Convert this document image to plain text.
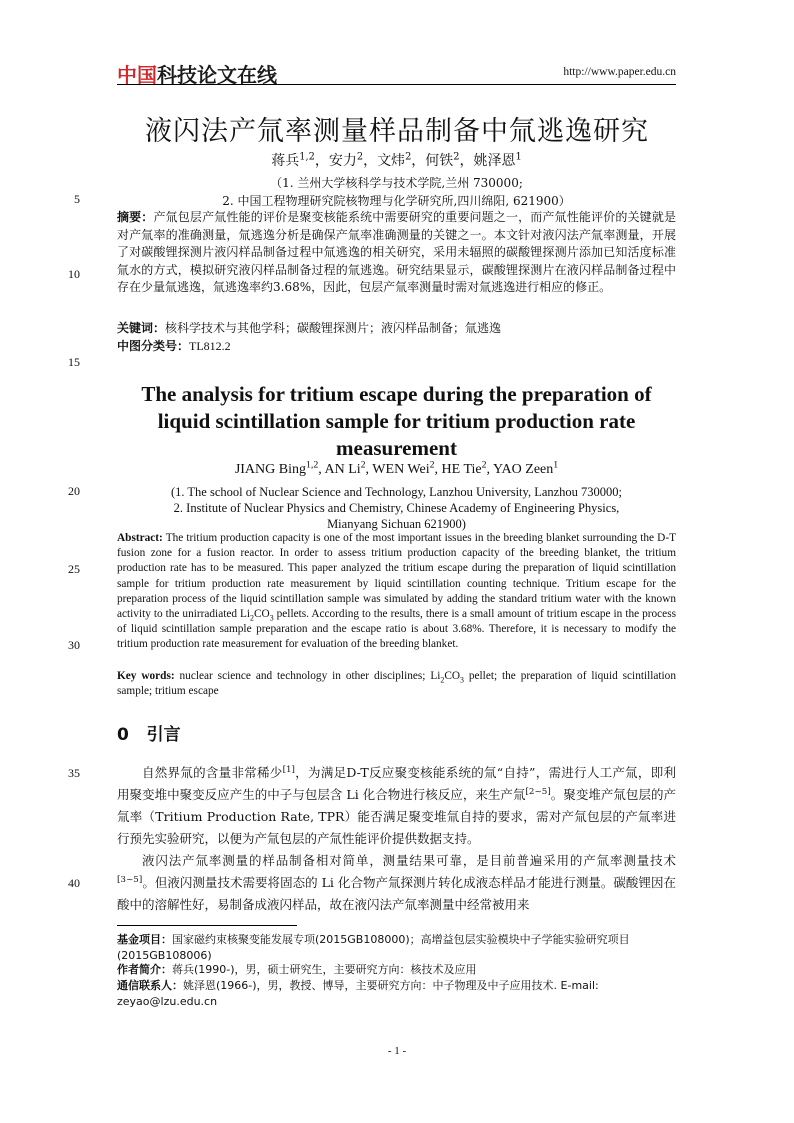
中国科技论文在线	http://www.paper.edu.cn
液闪法产氚率测量样品制备中氚逃逸研究
蒋兵$^{1,2}$，安力$^2$，文炜$^2$，何铁$^2$，姚泽恩$^1$
（1. 兰州大学核科学与技术学院,兰州 730000;
2. 中国工程物理研究院核物理与化学研究所,四川绵阳, 621900）
摘要：产氚包层产氚性能的评价是聚变核能系统中需要研究的重要问题之一，而产氚性能评价的关键就是对产氚率的准确测量，氚逃逸分析是确保产氚率准确测量的关键之一。本文针对液闪法产氚率测量，开展了对碳酸锂探测片液闪样品制备过程中氚逃逸的相关研究，采用未辐照的碳酸锂探测片添加已知活度标准氚水的方式，模拟研究液闪样品制备过程的氚逃逸。研究结果显示，碳酸锂探测片在液闪样品制备过程中存在少量氚逃逸，氚逃逸率约3.68%，因此，包层产氚率测量时需对氚逃逸进行相应的修正。
关键词：核科学技术与其他学科；碳酸锂探测片；液闪样品制备；氚逃逸
中图分类号：TL812.2
The analysis for tritium escape during the preparation of liquid scintillation sample for tritium production rate measurement
JIANG Bing$^{1,2}$, AN Li$^2$, WEN Wei$^2$, HE Tie$^2$, YAO Zeen$^1$
(1. The school of Nuclear Science and Technology, Lanzhou University, Lanzhou 730000;
2. Institute of Nuclear Physics and Chemistry, Chinese Academy of Engineering Physics,
Mianyang Sichuan 621900)
Abstract: The tritium production capacity is one of the most important issues in the breeding blanket surrounding the D-T fusion zone for a fusion reactor. In order to assess tritium production capacity of the breeding blanket, the tritium production rate has to be measured. This paper analyzed the tritium escape during the preparation of liquid scintillation sample for tritium production rate measurement by liquid scintillation counting technique. Tritium escape for the preparation process of the liquid scintillation sample was simulated by adding the standard tritium water with the known activity to the unirradiated $Li_2CO_3$ pellets. According to the results, there is a small amount of tritium escape in the process of liquid scintillation sample preparation and the escape ratio is about 3.68%. Therefore, it is necessary to modify the tritium production rate measurement for evaluation of the breeding blanket.
Key words: nuclear science and technology in other disciplines; $Li_2CO_3$ pellet; the preparation of liquid scintillation sample; tritium escape
0 引言
自然界氚的含量非常稀少[1]，为满足D-T反应聚变核能系统的氚“自持”，需进行人工产氚，即利用聚变堆中聚变反应产生的中子与包层含 Li 化合物进行核反应，来生产氚[2~5]。聚变堆产氚包层的产氚率（Tritium Production Rate, TPR）能否满足聚变堆氚自持的要求，需对产氚包层的产氚率进行预先实验研究，以便为产氚包层的产氚性能评价提供数据支持。
液闪法产氚率测量的样品制备相对简单，测量结果可靠，是目前普遍采用的产氚率测量技术[3~5]。但液闪测量技术需要将固态的 Li 化合物产氚探测片转化成液态样品才能进行测量。碳酸锂因在酸中的溶解性好，易制备成液闪样品，故在液闪法产氚率测量中经常被用来
基金项目：国家磁约束核聚变能发展专项(2015GB108000)；高增益包层实验模块中子学能实验研究项目(2015GB108006)
作者简介：蒋兵(1990-)，男，硕士研究生，主要研究方向：核技术及应用
通信联系人：姚泽恩(1966-)，男，教授、博导，主要研究方向：中子物理及中子应用技术. E-mail: zeyao@lzu.edu.cn
5
10
15
20
25
30
35
40
- 1 -
